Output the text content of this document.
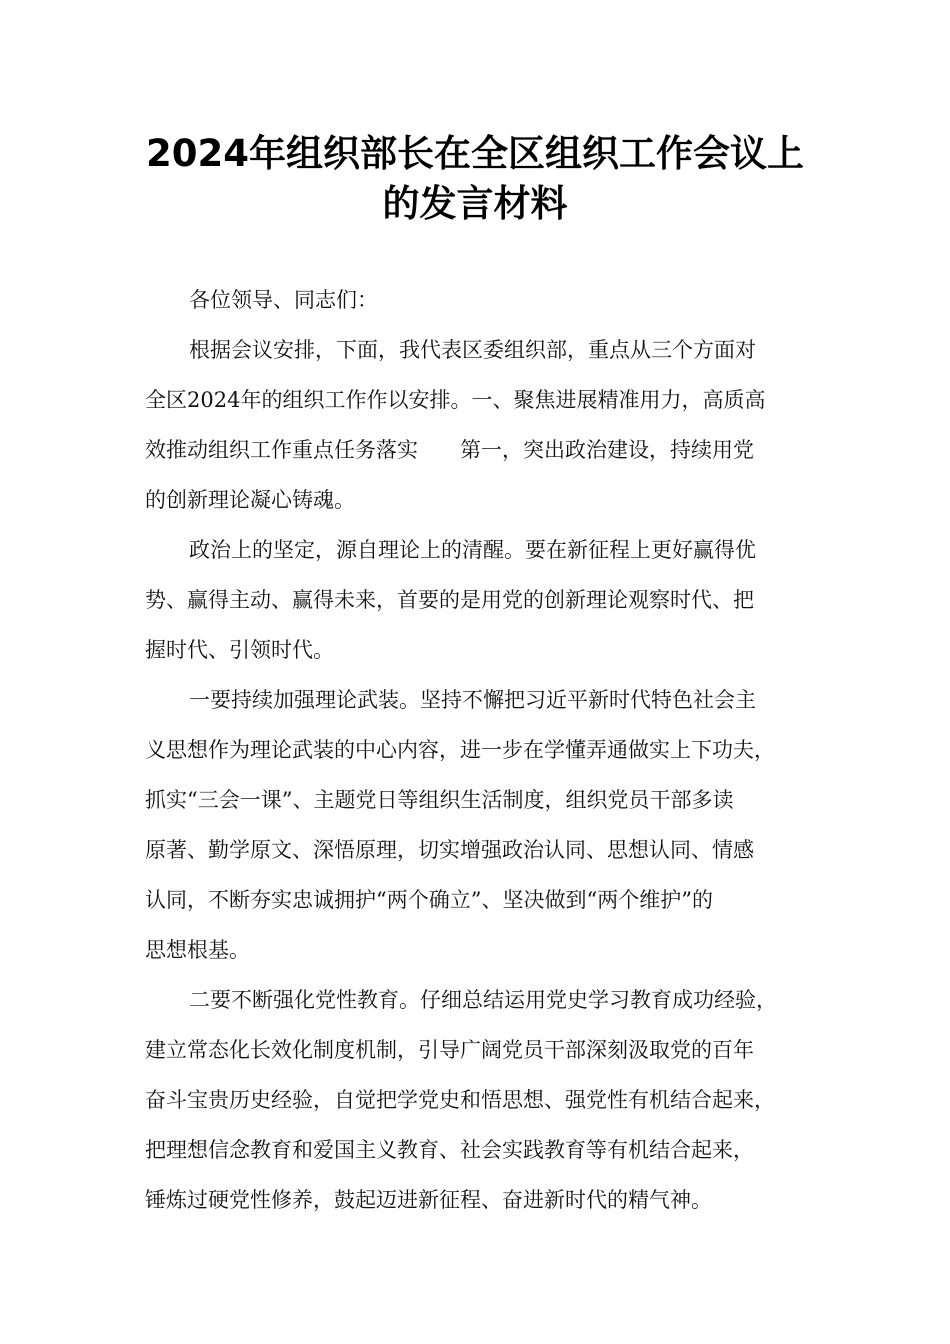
2024年组织部长在全区组织工作会议上
的发言材料

各位领导、同志们：

根据会议安排，下面，我代表区委组织部，重点从三个方面对
全区2024年的组织工作作以安排。一、聚焦进展精准用力，高质高
效推动组织工作重点任务落实　　第一，突出政治建设，持续用党
的创新理论凝心铸魂。

政治上的坚定，源自理论上的清醒。要在新征程上更好赢得优
势、赢得主动、赢得未来，首要的是用党的创新理论观察时代、把
握时代、引领时代。

一要持续加强理论武装。坚持不懈把习近平新时代特色社会主
义思想作为理论武装的中心内容，进一步在学懂弄通做实上下功夫，
抓实“三会一课”、主题党日等组织生活制度，组织党员干部多读
原著、勤学原文、深悟原理，切实增强政治认同、思想认同、情感
认同，不断夯实忠诚拥护“两个确立”、坚决做到“两个维护”的
思想根基。

二要不断强化党性教育。仔细总结运用党史学习教育成功经验，
建立常态化长效化制度机制，引导广阔党员干部深刻汲取党的百年
奋斗宝贵历史经验，自觉把学党史和悟思想、强党性有机结合起来，
把理想信念教育和爱国主义教育、社会实践教育等有机结合起来，
锤炼过硬党性修养，鼓起迈进新征程、奋进新时代的精气神。
